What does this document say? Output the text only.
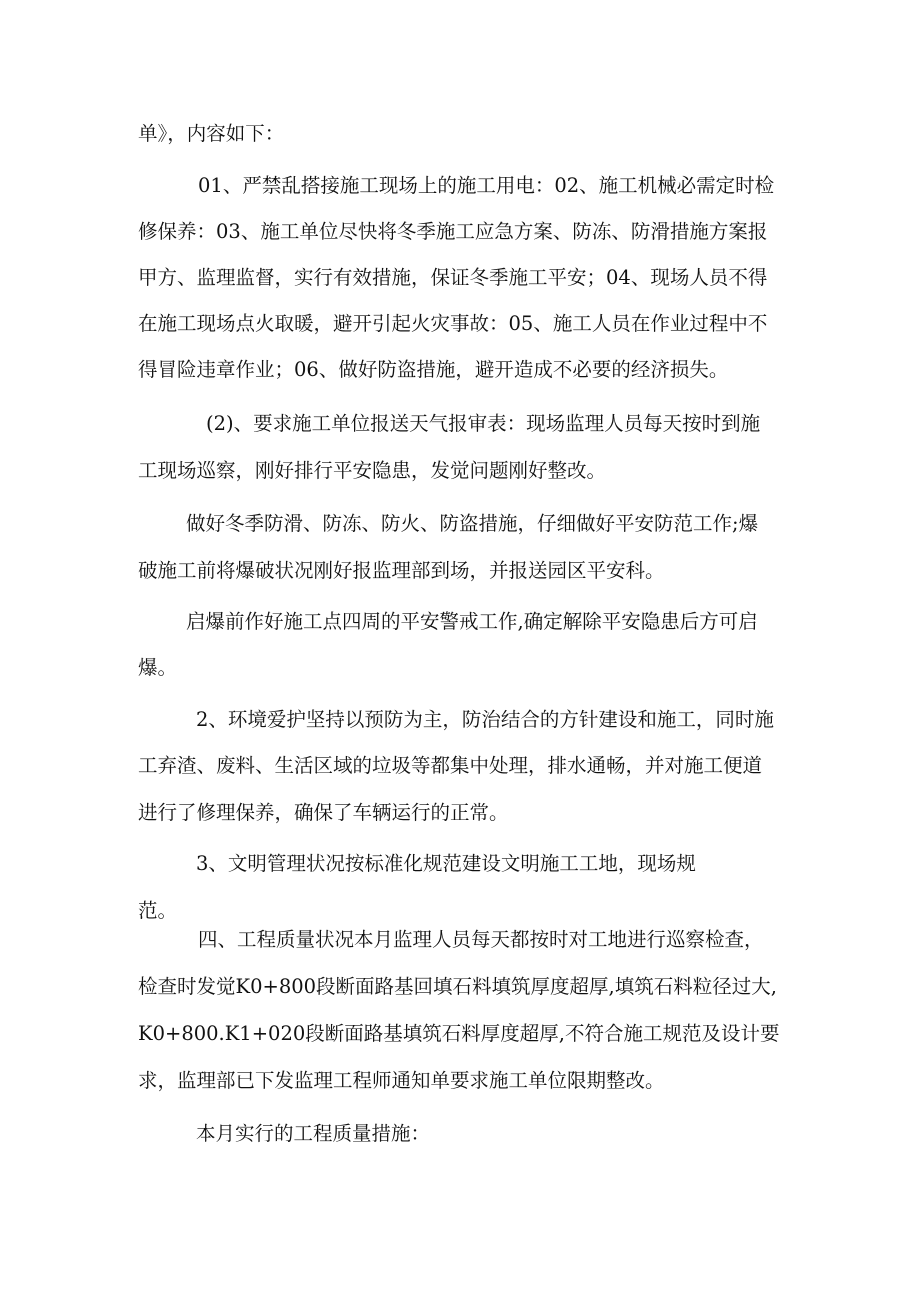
单》，内容如下：
01、严禁乱搭接施工现场上的施工用电：02、施工机械必需定时检
修保养：03、施工单位尽快将冬季施工应急方案、防冻、防滑措施方案报
甲方、监理监督，实行有效措施，保证冬季施工平安；04、现场人员不得
在施工现场点火取暖，避开引起火灾事故：05、施工人员在作业过程中不
得冒险违章作业；06、做好防盗措施，避开造成不必要的经济损失。
(2)、要求施工单位报送天气报审表：现场监理人员每天按时到施
工现场巡察，刚好排行平安隐患，发觉问题刚好整改。
做好冬季防滑、防冻、防火、防盗措施，仔细做好平安防范工作;爆
破施工前将爆破状况刚好报监理部到场，并报送园区平安科。
启爆前作好施工点四周的平安警戒工作,确定解除平安隐患后方可启
爆。
2、环境爱护坚持以预防为主，防治结合的方针建设和施工，同时施
工弃渣、废料、生活区域的垃圾等都集中处理，排水通畅，并对施工便道
进行了修理保养，确保了车辆运行的正常。
3、文明管理状况按标准化规范建设文明施工工地，现场规
范。
四、工程质量状况本月监理人员每天都按时对工地进行巡察检查，
检查时发觉K0+800段断面路基回填石料填筑厚度超厚,填筑石料粒径过大,
K0+800.K1+020段断面路基填筑石料厚度超厚,不符合施工规范及设计要
求，监理部已下发监理工程师通知单要求施工单位限期整改。
本月实行的工程质量措施：
